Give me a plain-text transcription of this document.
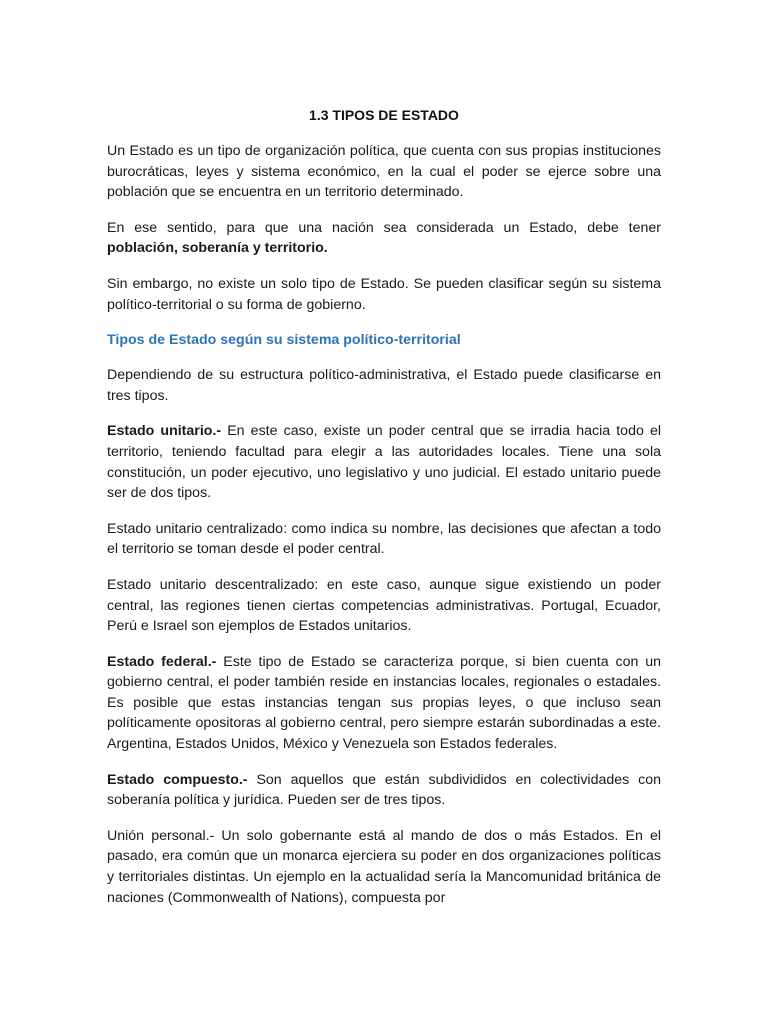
1.3 TIPOS DE ESTADO

Un Estado es un tipo de organización política, que cuenta con sus propias instituciones burocráticas, leyes y sistema económico, en la cual el poder se ejerce sobre una población que se encuentra en un territorio determinado.

En ese sentido, para que una nación sea considerada un Estado, debe tener población, soberanía y territorio.

Sin embargo, no existe un solo tipo de Estado. Se pueden clasificar según su sistema político-territorial o su forma de gobierno.

Tipos de Estado según su sistema político-territorial

Dependiendo de su estructura político-administrativa, el Estado puede clasificarse en tres tipos.

Estado unitario.- En este caso, existe un poder central que se irradia hacia todo el territorio, teniendo facultad para elegir a las autoridades locales. Tiene una sola constitución, un poder ejecutivo, uno legislativo y uno judicial. El estado unitario puede ser de dos tipos.

Estado unitario centralizado: como indica su nombre, las decisiones que afectan a todo el territorio se toman desde el poder central.

Estado unitario descentralizado: en este caso, aunque sigue existiendo un poder central, las regiones tienen ciertas competencias administrativas. Portugal, Ecuador, Perú e Israel son ejemplos de Estados unitarios.

Estado federal.- Este tipo de Estado se caracteriza porque, si bien cuenta con un gobierno central, el poder también reside en instancias locales, regionales o estadales. Es posible que estas instancias tengan sus propias leyes, o que incluso sean políticamente opositoras al gobierno central, pero siempre estarán subordinadas a este. Argentina, Estados Unidos, México y Venezuela son Estados federales.

Estado compuesto.- Son aquellos que están subdivididos en colectividades con soberanía política y jurídica. Pueden ser de tres tipos.

Unión personal.- Un solo gobernante está al mando de dos o más Estados. En el pasado, era común que un monarca ejerciera su poder en dos organizaciones políticas y territoriales distintas. Un ejemplo en la actualidad sería la Mancomunidad británica de naciones (Commonwealth of Nations), compuesta por
